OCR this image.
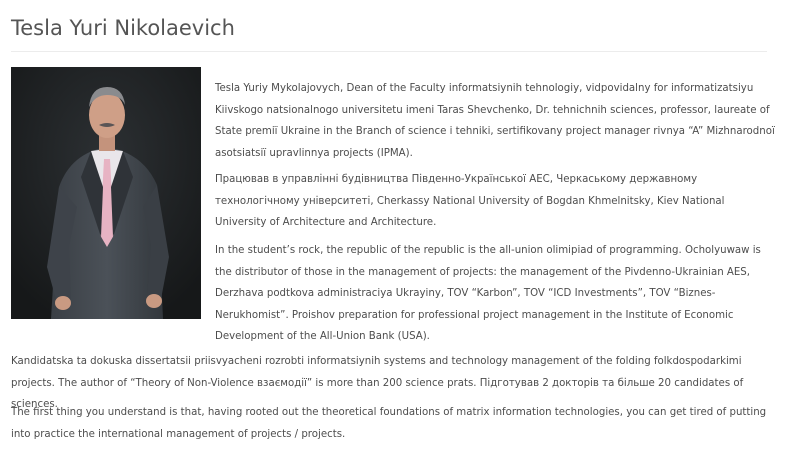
Tesla Yuri Nikolaevich

Tesla Yuriy Mykolajovych, Dean of the Faculty informatsiynih tehnologiy, vidpovidalny for informatizatsiyu Kiivskogo natsionalnogo universitetu imeni Taras Shevchenko, Dr. tehnichnih sciences, professor, laureate of State premiї Ukraine in the Branch of science i tehniki, sertifikovany project manager rivnya “A” Mizhnarodnoї asotsiatsiї upravlinnya projects (IPMA).

Працював в управлінні будівництва Південно-Української АЕС, Черкаському державному технологічному університеті, Cherkassy National University of Bogdan Khmelnitsky, Kiev National University of Architecture and Architecture.

In the student’s rock, the republic of the republic is the all-union olimipiad of programming. Ocholyuwaw is the distributor of those in the management of projects: the management of the Pivdenno-Ukrainian AES, Derzhava podtkova administraciya Ukrayiny, TOV “Karbon”, TOV “ICD Investments”, TOV “Biznes-Nerukhomist”. Proishov preparation for professional project management in the Institute of Economic Development of the All-Union Bank (USA).

Kandidatska ta dokuska dissertatsii priisvyacheni rozrobti informatsiynih systems and technology management of the folding folkdospodarkimi projects. The author of “Theory of Non-Violence взаємодії” is more than 200 science prats. Підготував 2 докторів та більше 20 candidates of sciences.

The first thing you understand is that, having rooted out the theoretical foundations of matrix information technologies, you can get tired of putting into practice the international management of projects / projects.
